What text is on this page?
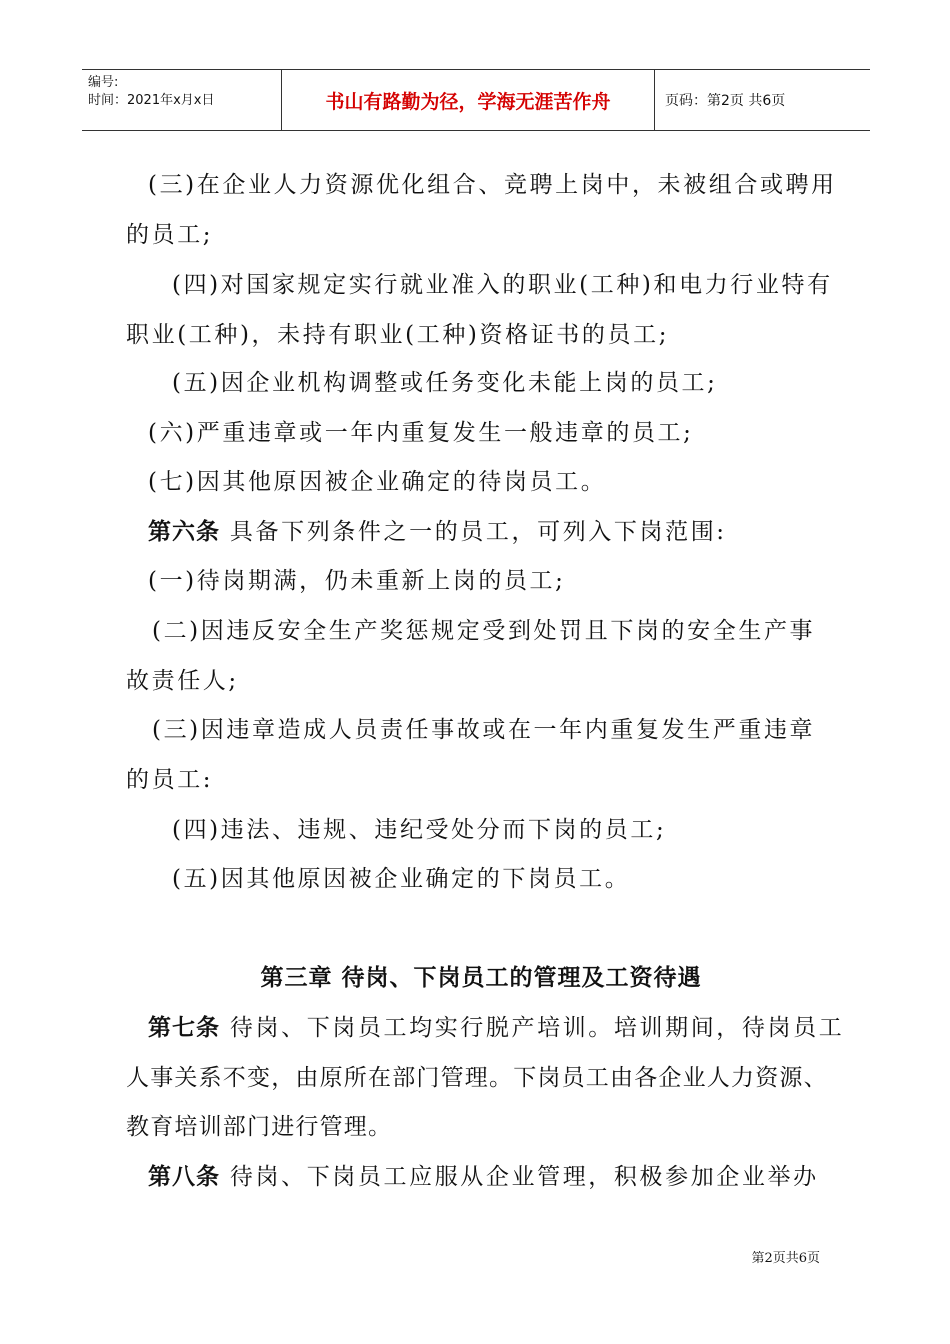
编号:
时间：2021年x月x日	书山有路勤为径，学海无涯苦作舟	页码：第2页 共6页
(三)在企业人力资源优化组合、竞聘上岗中，未被组合或聘用
的员工;
(四)对国家规定实行就业准入的职业(工种)和电力行业特有
职业(工种)，未持有职业(工种)资格证书的员工;
(五)因企业机构调整或任务变化未能上岗的员工;
(六)严重违章或一年内重复发生一般违章的员工;
(七)因其他原因被企业确定的待岗员工。
第六条 具备下列条件之一的员工，可列入下岗范围:
(一)待岗期满，仍未重新上岗的员工;
(二)因违反安全生产奖惩规定受到处罚且下岗的安全生产事
故责任人;
(三)因违章造成人员责任事故或在一年内重复发生严重违章
的员工:
(四)违法、违规、违纪受处分而下岗的员工;
(五)因其他原因被企业确定的下岗员工。
第三章 待岗、下岗员工的管理及工资待遇
第七条 待岗、下岗员工均实行脱产培训。培训期间，待岗员工
人事关系不变，由原所在部门管理。下岗员工由各企业人力资源、
教育培训部门进行管理。
第八条 待岗、下岗员工应服从企业管理，积极参加企业举办
第2页共6页
